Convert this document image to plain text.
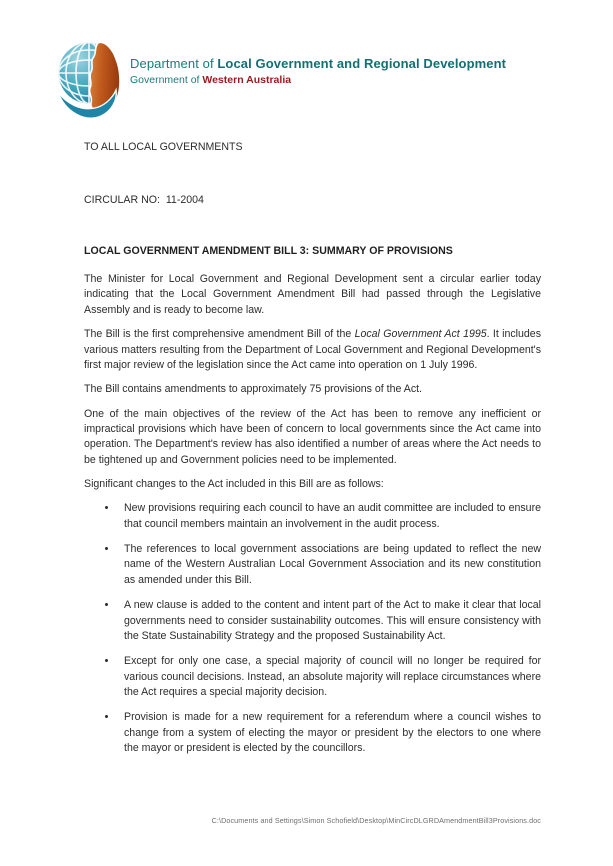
Department of Local Government and Regional Development
Government of Western Australia
TO ALL LOCAL GOVERNMENTS
CIRCULAR NO:  11-2004
LOCAL GOVERNMENT AMENDMENT BILL 3: SUMMARY OF PROVISIONS

The Minister for Local Government and Regional Development sent a circular earlier today indicating that the Local Government Amendment Bill had passed through the Legislative Assembly and is ready to become law.

The Bill is the first comprehensive amendment Bill of the Local Government Act 1995. It includes various matters resulting from the Department of Local Government and Regional Development's first major review of the legislation since the Act came into operation on 1 July 1996.

The Bill contains amendments to approximately 75 provisions of the Act.

One of the main objectives of the review of the Act has been to remove any inefficient or impractical provisions which have been of concern to local governments since the Act came into operation. The Department's review has also identified a number of areas where the Act needs to be tightened up and Government policies need to be implemented.

Significant changes to the Act included in this Bill are as follows:

• New provisions requiring each council to have an audit committee are included to ensure that council members maintain an involvement in the audit process.
• The references to local government associations are being updated to reflect the new name of the Western Australian Local Government Association and its new constitution as amended under this Bill.
• A new clause is added to the content and intent part of the Act to make it clear that local governments need to consider sustainability outcomes. This will ensure consistency with the State Sustainability Strategy and the proposed Sustainability Act.
• Except for only one case, a special majority of council will no longer be required for various council decisions. Instead, an absolute majority will replace circumstances where the Act requires a special majority decision.
• Provision is made for a new requirement for a referendum where a council wishes to change from a system of electing the mayor or president by the electors to one where the mayor or president is elected by the councillors.
C:\Documents and Settings\Simon Schofield\Desktop\MinCircDLGRDAmendmentBill3Provisions.doc
